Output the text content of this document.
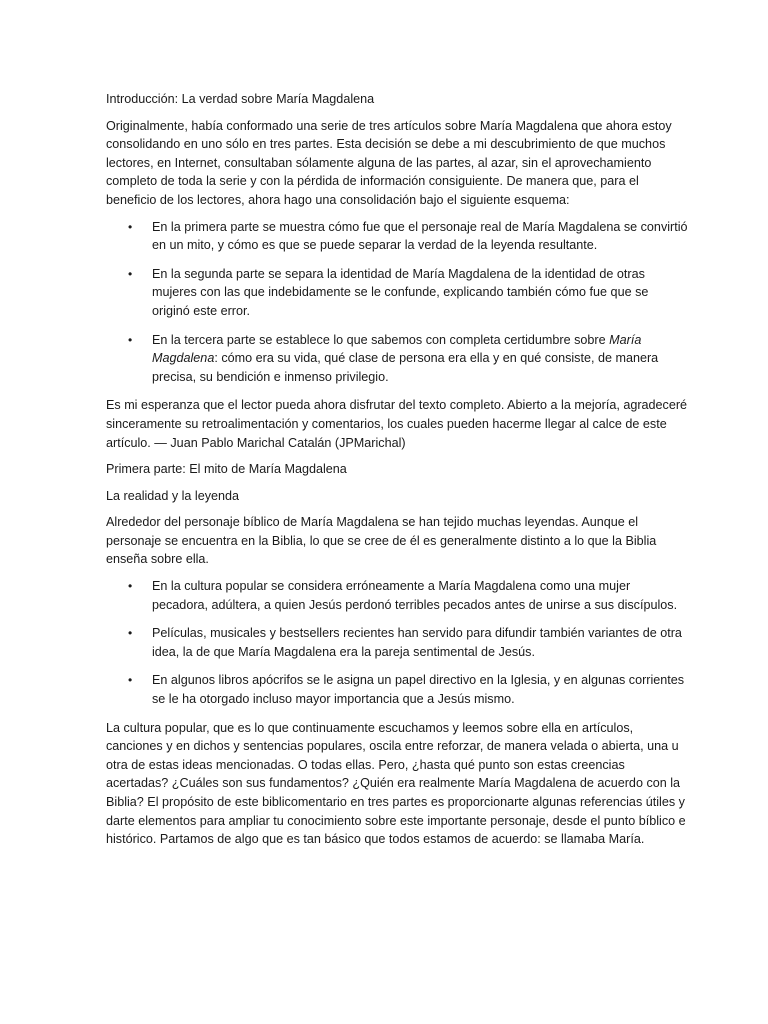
Introducción: La verdad sobre María Magdalena

Originalmente, había conformado una serie de tres artículos sobre María Magdalena que ahora estoy consolidando en uno sólo en tres partes. Esta decisión se debe a mi descubrimiento de que muchos lectores, en Internet, consultaban sólamente alguna de las partes, al azar, sin el aprovechamiento completo de toda la serie y con la pérdida de información consiguiente. De manera que, para el beneficio de los lectores, ahora hago una consolidación bajo el siguiente esquema:

• En la primera parte se muestra cómo fue que el personaje real de María Magdalena se convirtió en un mito, y cómo es que se puede separar la verdad de la leyenda resultante.
• En la segunda parte se separa la identidad de María Magdalena de la identidad de otras mujeres con las que indebidamente se le confunde, explicando también cómo fue que se originó este error.
• En la tercera parte se establece lo que sabemos con completa certidumbre sobre María Magdalena: cómo era su vida, qué clase de persona era ella y en qué consiste, de manera precisa, su bendición e inmenso privilegio.

Es mi esperanza que el lector pueda ahora disfrutar del texto completo. Abierto a la mejoría, agradeceré sinceramente su retroalimentación y comentarios, los cuales pueden hacerme llegar al calce de este artículo. — Juan Pablo Marichal Catalán (JPMarichal)

Primera parte: El mito de María Magdalena

La realidad y la leyenda

Alrededor del personaje bíblico de María Magdalena se han tejido muchas leyendas. Aunque el personaje se encuentra en la Biblia, lo que se cree de él es generalmente distinto a lo que la Biblia enseña sobre ella.

• En la cultura popular se considera erróneamente a María Magdalena como una mujer pecadora, adúltera, a quien Jesús perdonó terribles pecados antes de unirse a sus discípulos.
• Películas, musicales y bestsellers recientes han servido para difundir también variantes de otra idea, la de que María Magdalena era la pareja sentimental de Jesús.
• En algunos libros apócrifos se le asigna un papel directivo en la Iglesia, y en algunas corrientes se le ha otorgado incluso mayor importancia que a Jesús mismo.

La cultura popular, que es lo que continuamente escuchamos y leemos sobre ella en artículos, canciones y en dichos y sentencias populares, oscila entre reforzar, de manera velada o abierta, una u otra de estas ideas mencionadas. O todas ellas. Pero, ¿hasta qué punto son estas creencias acertadas? ¿Cuáles son sus fundamentos? ¿Quién era realmente María Magdalena de acuerdo con la Biblia? El propósito de este biblicomentario en tres partes es proporcionarte algunas referencias útiles y darte elementos para ampliar tu conocimiento sobre este importante personaje, desde el punto bíblico e histórico. Partamos de algo que es tan básico que todos estamos de acuerdo: se llamaba María.
